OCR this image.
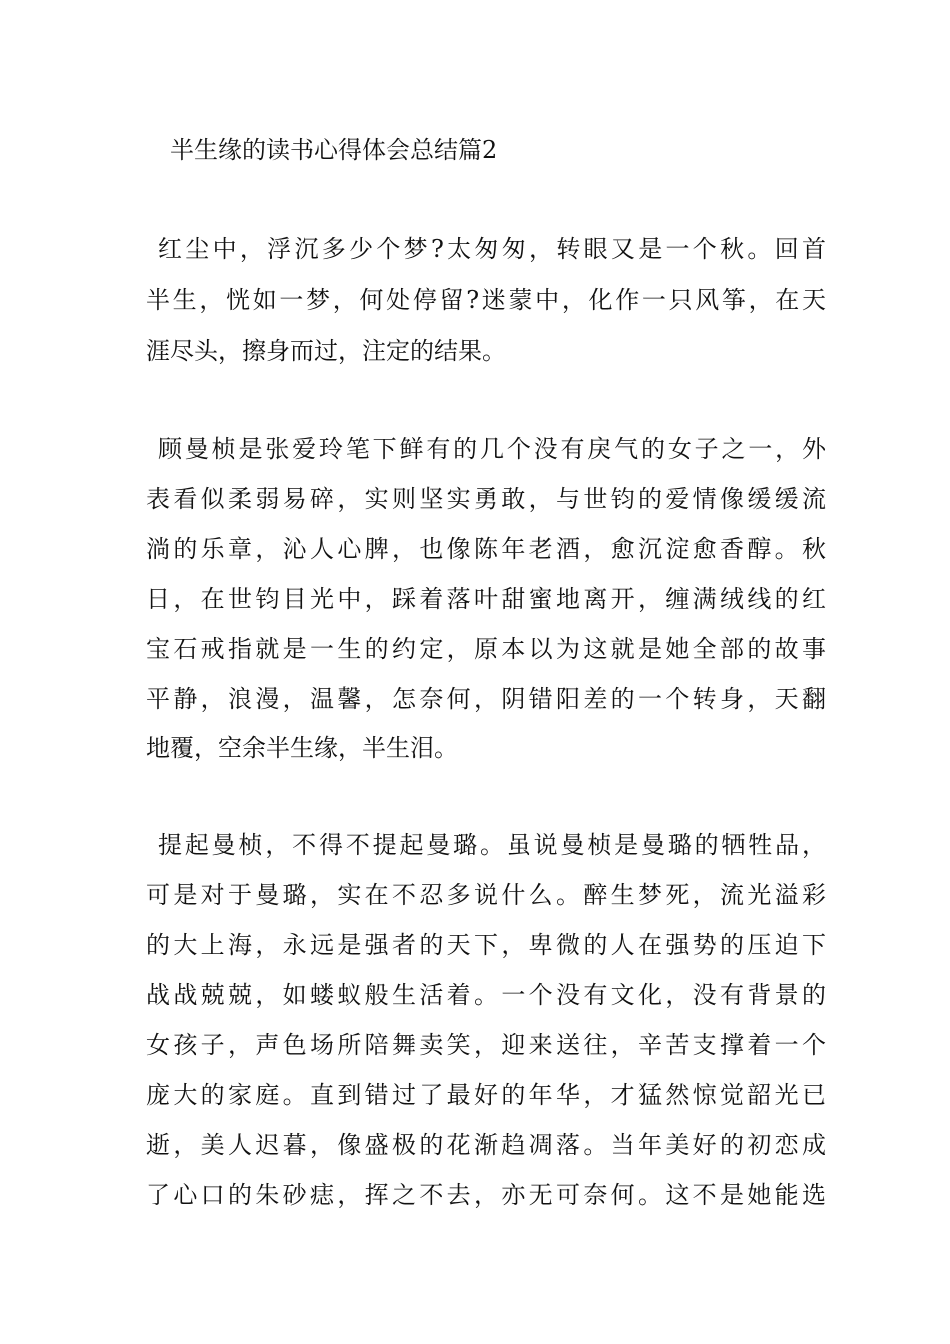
半生缘的读书心得体会总结篇2
红尘中，浮沉多少个梦?太匆匆，转眼又是一个秋。回首
半生，恍如一梦，何处停留?迷蒙中，化作一只风筝，在天
涯尽头，擦身而过，注定的结果。
顾曼桢是张爱玲笔下鲜有的几个没有戾气的女子之一，外
表看似柔弱易碎，实则坚实勇敢，与世钧的爱情像缓缓流
淌的乐章，沁人心脾，也像陈年老酒，愈沉淀愈香醇。秋
日，在世钧目光中，踩着落叶甜蜜地离开，缠满绒线的红
宝石戒指就是一生的约定，原本以为这就是她全部的故事
平静，浪漫，温馨，怎奈何，阴错阳差的一个转身，天翻
地覆，空余半生缘，半生泪。
提起曼桢，不得不提起曼璐。虽说曼桢是曼璐的牺牲品，
可是对于曼璐，实在不忍多说什么。醉生梦死，流光溢彩
的大上海，永远是强者的天下，卑微的人在强势的压迫下
战战兢兢，如蝼蚁般生活着。一个没有文化，没有背景的
女孩子，声色场所陪舞卖笑，迎来送往，辛苦支撑着一个
庞大的家庭。直到错过了最好的年华，才猛然惊觉韶光已
逝，美人迟暮，像盛极的花渐趋凋落。当年美好的初恋成
了心口的朱砂痣，挥之不去，亦无可奈何。这不是她能选
